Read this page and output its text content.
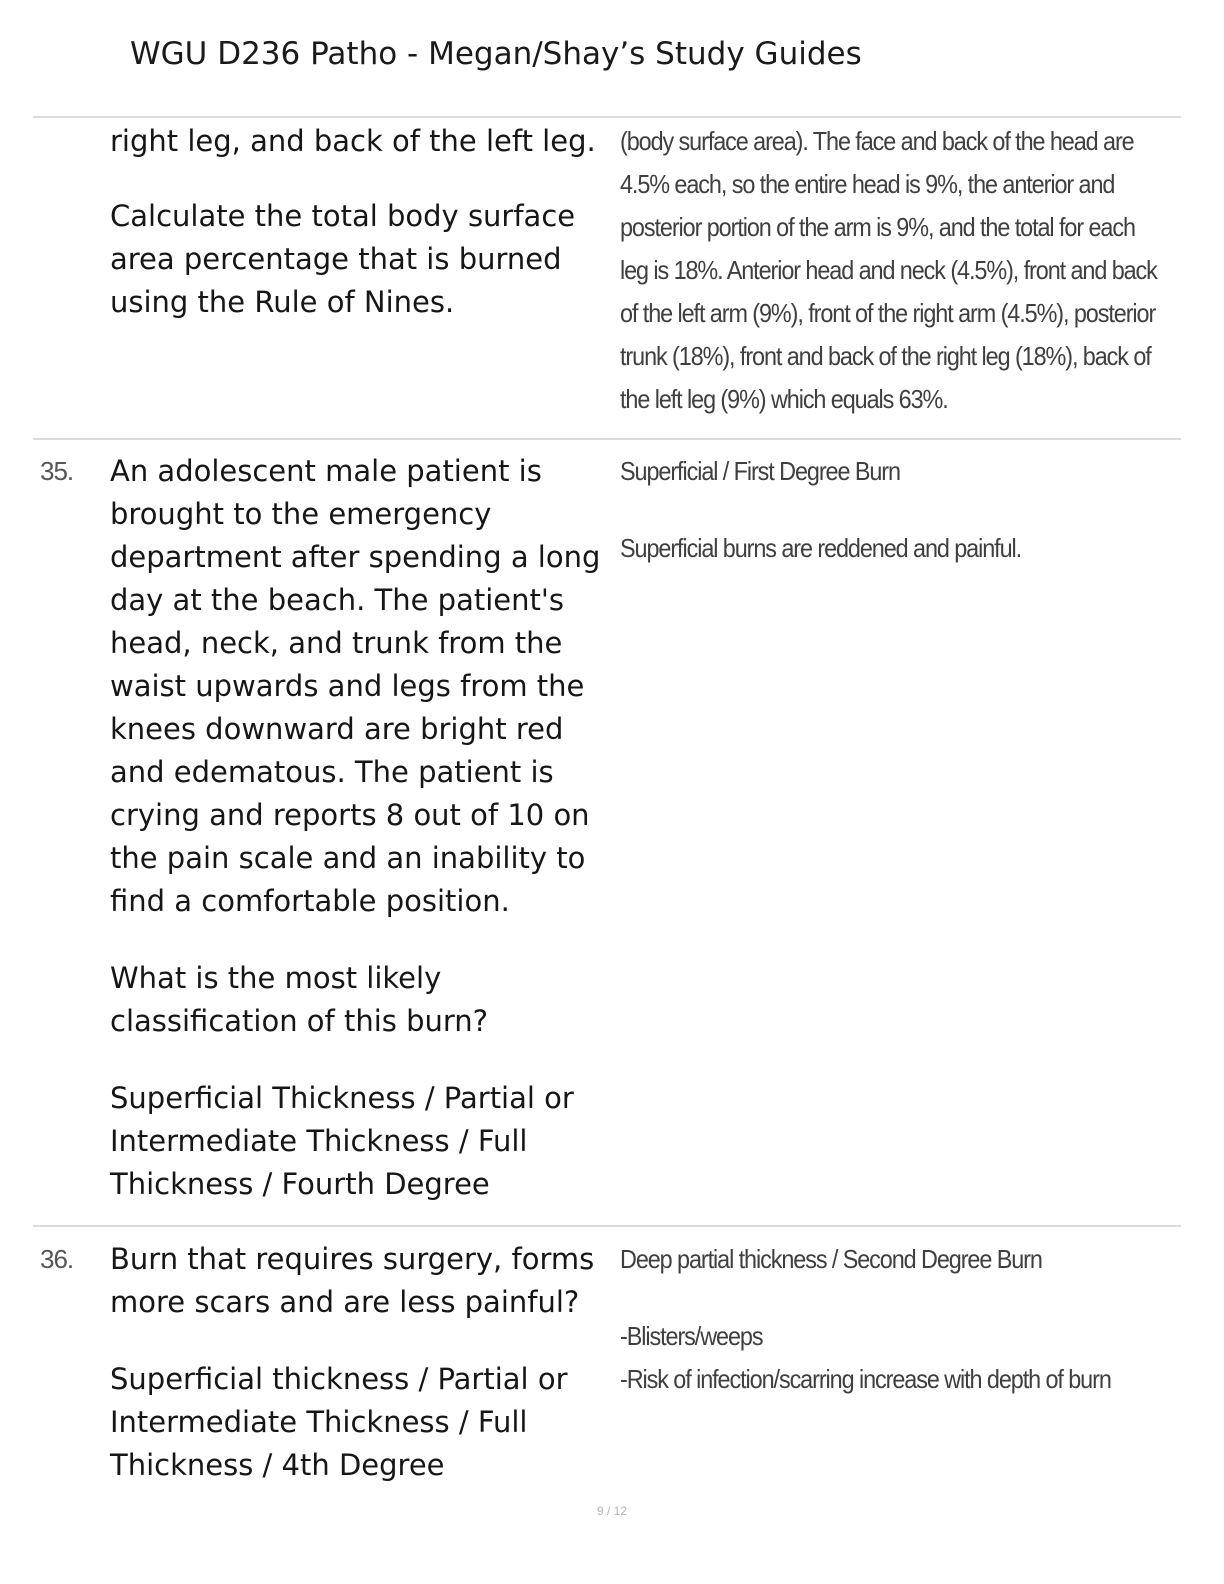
WGU D236 Patho - Megan/Shay’s Study Guides

right leg, and back of the left leg.

Calculate the total body surface area percentage that is burned using the Rule of Nines.

(body surface area). The face and back of the head are 4.5% each, so the entire head is 9%, the anterior and posterior portion of the arm is 9%, and the total for each leg is 18%. Anterior head and neck (4.5%), front and back of the left arm (9%), front of the right arm (4.5%), posterior trunk (18%), front and back of the right leg (18%), back of the left leg (9%) which equals 63%.

35. An adolescent male patient is brought to the emergency department after spending a long day at the beach. The patient's head, neck, and trunk from the waist upwards and legs from the knees downward are bright red and edematous. The patient is crying and reports 8 out of 10 on the pain scale and an inability to find a comfortable position.

What is the most likely classification of this burn?

Superficial Thickness / Partial or Intermediate Thickness / Full Thickness / Fourth Degree

Superficial / First Degree Burn

Superficial burns are reddened and painful.

36. Burn that requires surgery, forms more scars and are less painful?

Superficial thickness / Partial or Intermediate Thickness / Full Thickness / 4th Degree

Deep partial thickness / Second Degree Burn

-Blisters/weeps

-Risk of infection/scarring increase with depth of burn

9 / 12
